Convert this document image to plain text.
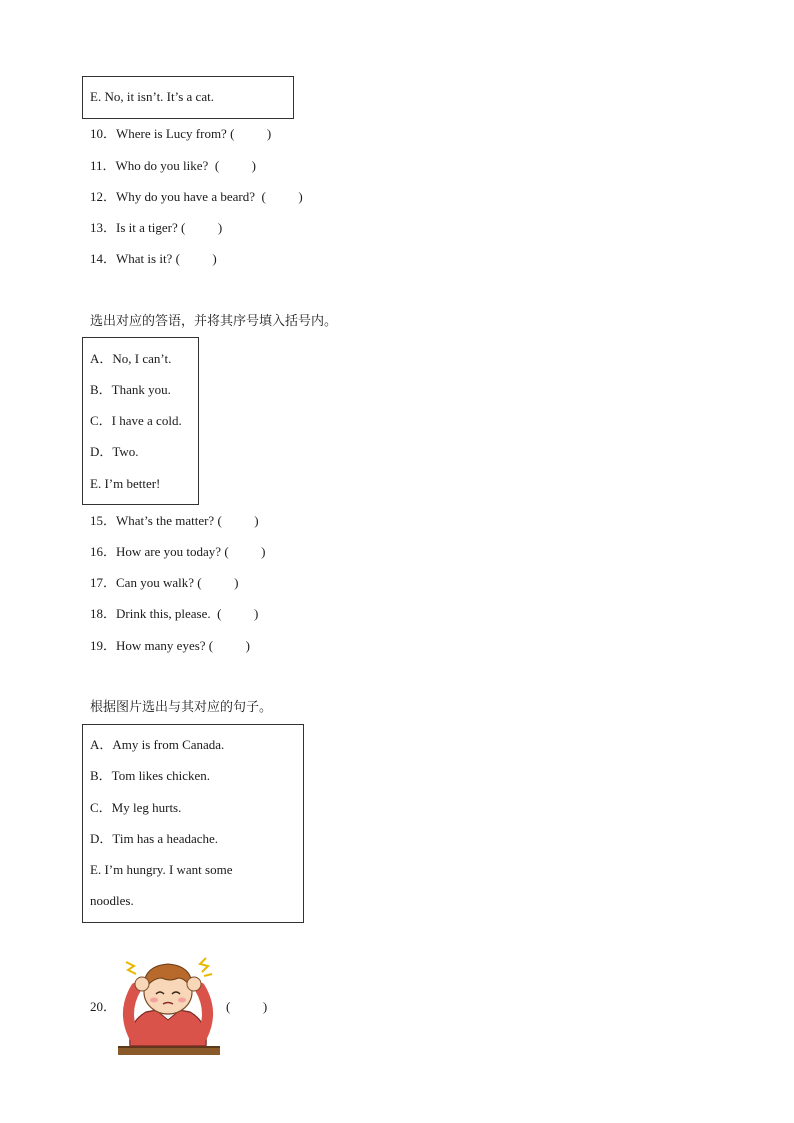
E. No, it isn’t. It’s a cat.
10．Where is Lucy from? (          )
11．Who do you like?  (          )
12．Why do you have a beard?  (          )
13．Is it a tiger? (          )
14．What is it? (          )
选出对应的答语，并将其序号填入括号内。
A．No, I can’t.
B．Thank you.
C．I have a cold.
D．Two.
E. I’m better!
15．What’s the matter? (          )
16．How are you today? (          )
17．Can you walk? (          )
18．Drink this, please.  (          )
19．How many eyes? (          )
根据图片选出与其对应的句子。
A．Amy is from Canada.
B．Tom likes chicken.
C．My leg hurts.
D．Tim has a headache.
E. I’m hungry. I want some
noodles.
20．	(          )
